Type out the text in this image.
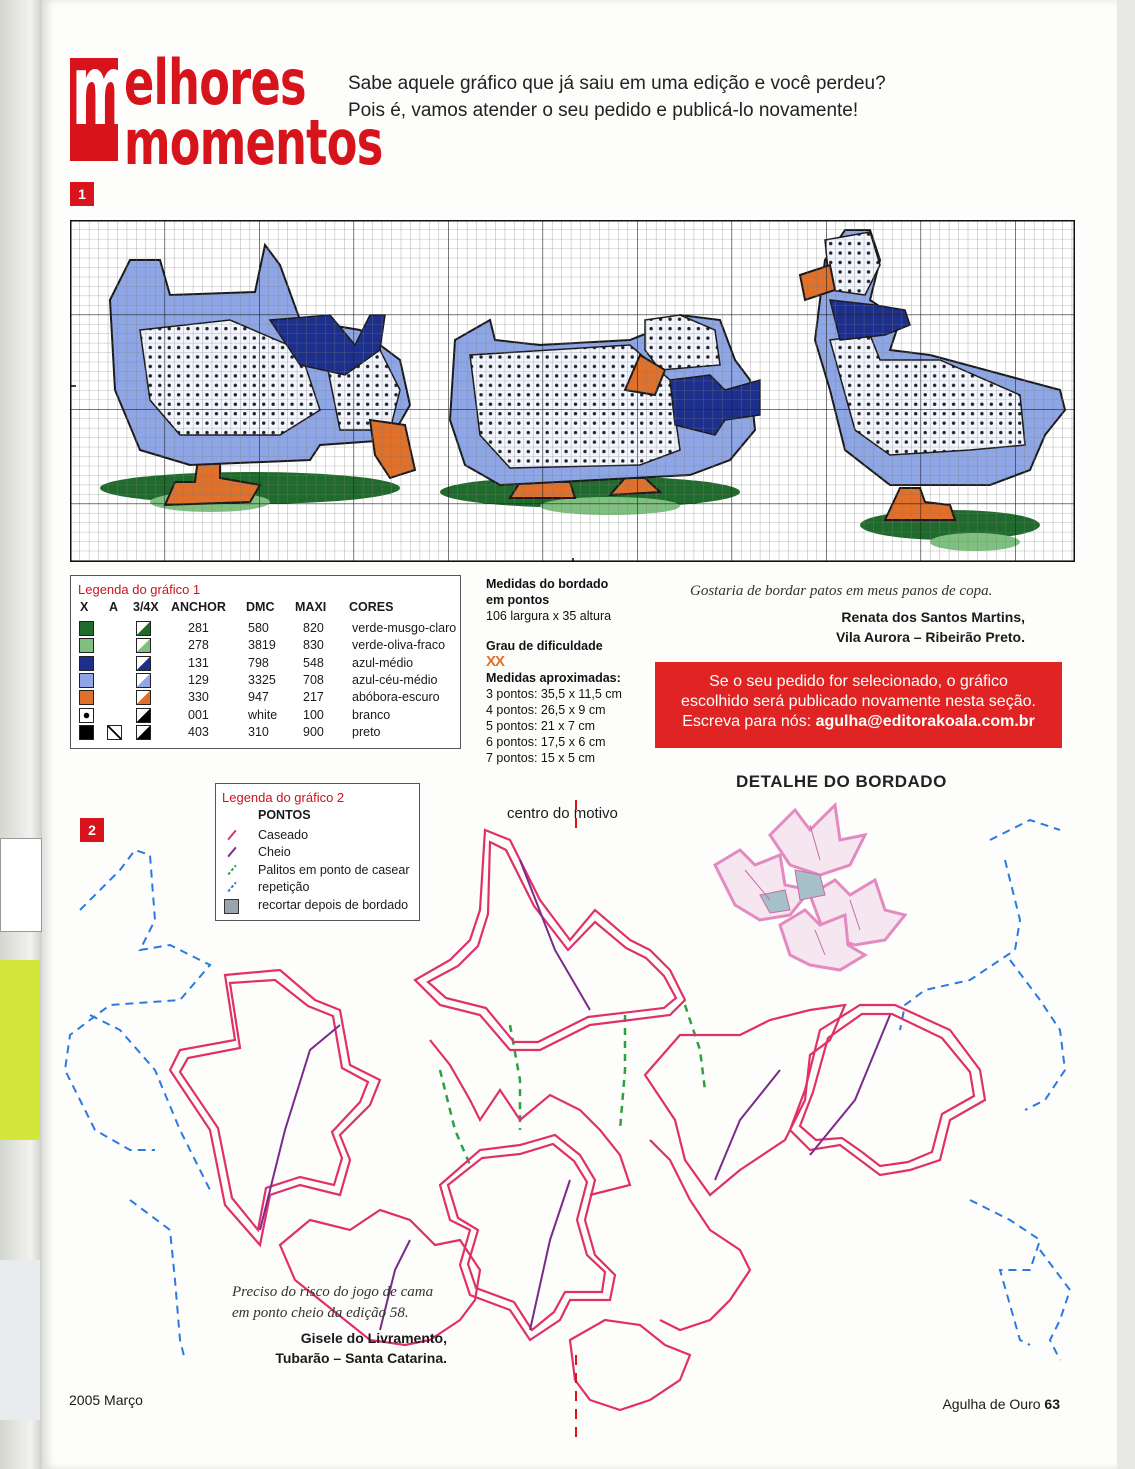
m
elhores
momentos
Sabe aquele gráfico que já saiu em uma edição e você perdeu?
Pois é, vamos atender o seu pedido e publicá-lo novamente!
1
Legenda do gráfico 1
X A 3/4X ANCHOR DMC MAXI CORES
281	580	820 verde-musgo-claro
278	3819 830 verde-oliva-fraco
131	798	548 azul-médio
129	3325 708 azul-céu-médio
330	947	217 abóbora-escuro
001	white 100 branco
403	310	900 preto
Medidas do bordado
em pontos
106 largura x 35 altura
Grau de dificuldade
XX
Medidas aproximadas:
3 pontos: 35,5 x 11,5 cm
4 pontos: 26,5 x 9 cm
5 pontos: 21 x 7 cm
6 pontos: 17,5 x 6 cm
7 pontos: 15 x 5 cm
Gostaria de bordar patos em meus panos de copa.
Renata dos Santos Martins,
Vila Aurora – Ribeirão Preto.
Se o seu pedido for selecionado, o gráfico
escolhido será publicado novamente nesta seção.
Escreva para nós: agulha@editorakoala.com.br
DETALHE DO BORDADO
2
Legenda do gráfico 2
PONTOS
Caseado
Cheio
Palitos em ponto de casear
repetição
recortar depois de bordado
centro do motivo
Preciso do risco do jogo de cama
em ponto cheio da edição 58.
Gisele do Livramento,
Tubarão – Santa Catarina.
2005 Março	Agulha de Ouro 63
